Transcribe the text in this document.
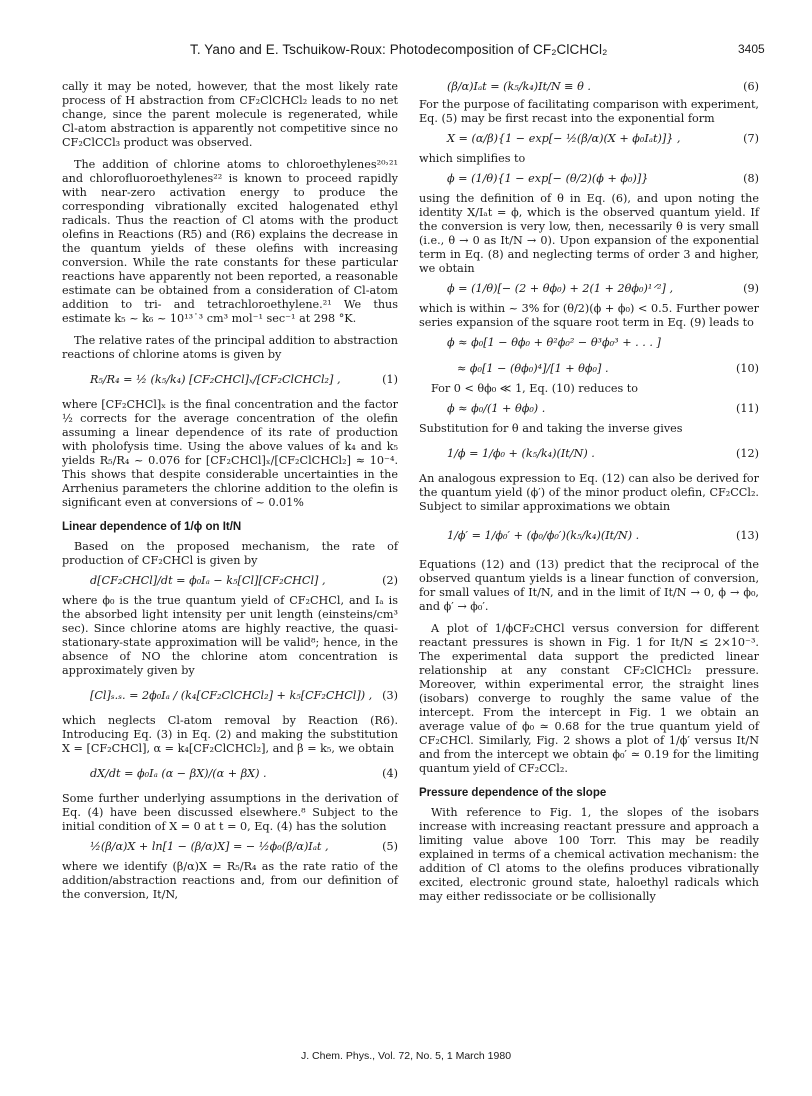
T. Yano and E. Tschuikow-Roux: Photodecomposition of CF₂ClCHCl₂	3405

cally it may be noted, however, that the most likely rate process of H abstraction from CF₂ClCHCl₂ leads to no net change, since the parent molecule is regenerated, while Cl-atom abstraction is apparently not competitive since no CF₂ClCCl₃ product was observed.

The addition of chlorine atoms to chloroethylenes²⁰˒²¹ and chlorofluoroethylenes²² is known to proceed rapidly with near-zero activation energy to produce the corresponding vibrationally excited halogenated ethyl radicals. Thus the reaction of Cl atoms with the product olefins in Reactions (R5) and (R6) explains the decrease in the quantum yields of these olefins with increasing conversion. While the rate constants for these particular reactions have apparently not been reported, a reasonable estimate can be obtained from a consideration of Cl-atom addition to tri- and tetrachloroethylene.²¹ We thus estimate k₅ ~ k₆ ~ 10¹³˙³ cm³ mol⁻¹ sec⁻¹ at 298 °K.

The relative rates of the principal addition to abstraction reactions of chlorine atoms is given by

R₅/R₄ = ½ (k₅/k₄) [CF₂CHCl]ₓ/[CF₂ClCHCl₂] ,	(1)

where [CF₂CHCl]ₓ is the final concentration and the factor ½ corrects for the average concentration of the olefin assuming a linear dependence of its rate of production with pholofysis time. Using the above values of k₄ and k₅ yields R₅/R₄ ~ 0.076 for [CF₂CHCl]ₓ/[CF₂ClCHCl₂] ≈ 10⁻⁴. This shows that despite considerable uncertainties in the Arrhenius parameters the chlorine addition to the olefin is significant even at conversions of ~ 0.01%

Linear dependence of 1/ϕ on It/N

Based on the proposed mechanism, the rate of production of CF₂CHCl is given by

d[CF₂CHCl]/dt = ϕ₀Iₐ − k₅[Cl][CF₂CHCl] ,	(2)

where ϕ₀ is the true quantum yield of CF₂CHCl, and Iₐ is the absorbed light intensity per unit length (einsteins/cm³ sec). Since chlorine atoms are highly reactive, the quasi-stationary-state approximation will be valid⁸; hence, in the absence of NO the chlorine atom concentration is approximately given by

[Cl]ₛ.ₛ. = 2ϕ₀Iₐ / (k₄[CF₂ClCHCl₂] + k₅[CF₂CHCl]) , (3)

which neglects Cl-atom removal by Reaction (R6). Introducing Eq. (3) in Eq. (2) and making the substitution X = [CF₂CHCl], α = k₄[CF₂ClCHCl₂], and β = k₅, we obtain

dX/dt = ϕ₀Iₐ (α − βX)/(α + βX) .	(4)

Some further underlying assumptions in the derivation of Eq. (4) have been discussed elsewhere.⁸ Subject to the initial condition of X = 0 at t = 0, Eq. (4) has the solution

½(β/α)X + ln[1 − (β/α)X] = − ½ϕ₀(β/α)Iₐt ,	(5)

where we identify (β/α)X = R₅/R₄ as the rate ratio of the addition/abstraction reactions and, from our definition of the conversion, It/N,

(β/α)Iₐt = (k₅/k₄)It/N ≡ θ .	(6)

For the purpose of facilitating comparison with experiment, Eq. (5) may be first recast into the exponential form

X = (α/β){1 − exp[− ½(β/α)(X + ϕ₀Iₐt)]} ,	(7)

which simplifies to

ϕ = (1/θ){1 − exp[− (θ/2)(ϕ + ϕ₀)]}	(8)

using the definition of θ in Eq. (6), and upon noting the identity X/Iₐt = ϕ, which is the observed quantum yield. If the conversion is very low, then, necessarily θ is very small (i.e., θ → 0 as It/N → 0). Upon expansion of the exponential term in Eq. (8) and neglecting terms of order 3 and higher, we obtain

ϕ = (1/θ)[− (2 + θϕ₀) + 2(1 + 2θϕ₀)¹ᐟ²] ,	(9)

which is within ~ 3% for (θ/2)(ϕ + ϕ₀) < 0.5. Further power series expansion of the square root term in Eq. (9) leads to

ϕ ≈ ϕ₀[1 − θϕ₀ + θ²ϕ₀² − θ³ϕ₀³ + . . . ]
≈ ϕ₀[1 − (θϕ₀)⁴]/[1 + θϕ₀] .	(10)

For 0 < θϕ₀ ≪ 1, Eq. (10) reduces to

ϕ ≈ ϕ₀/(1 + θϕ₀) .	(11)

Substitution for θ and taking the inverse gives

1/ϕ = 1/ϕ₀ + (k₅/k₄)(It/N) .	(12)

An analogous expression to Eq. (12) can also be derived for the quantum yield (ϕ′) of the minor product olefin, CF₂CCl₂. Subject to similar approximations we obtain

1/ϕ′ = 1/ϕ₀′ + (ϕ₀/ϕ₀′)(k₅/k₄)(It/N) .	(13)

Equations (12) and (13) predict that the reciprocal of the observed quantum yields is a linear function of conversion, for small values of It/N, and in the limit of It/N → 0, ϕ → ϕ₀, and ϕ′ → ϕ₀′.

A plot of 1/ϕCF₂CHCl versus conversion for different reactant pressures is shown in Fig. 1 for It/N ≤ 2×10⁻³. The experimental data support the predicted linear relationship at any constant CF₂ClCHCl₂ pressure. Moreover, within experimental error, the straight lines (isobars) converge to roughly the same value of the intercept. From the intercept in Fig. 1 we obtain an average value of ϕ₀ ≃ 0.68 for the true quantum yield of CF₂CHCl. Similarly, Fig. 2 shows a plot of 1/ϕ′ versus It/N and from the intercept we obtain ϕ₀′ ≃ 0.19 for the limiting quantum yield of CF₂CCl₂.

Pressure dependence of the slope

With reference to Fig. 1, the slopes of the isobars increase with increasing reactant pressure and approach a limiting value above 100 Torr. This may be readily explained in terms of a chemical activation mechanism: the addition of Cl atoms to the olefins produces vibrationally excited, electronic ground state, haloethyl radicals which may either redissociate or be collisionally

J. Chem. Phys., Vol. 72, No. 5, 1 March 1980
